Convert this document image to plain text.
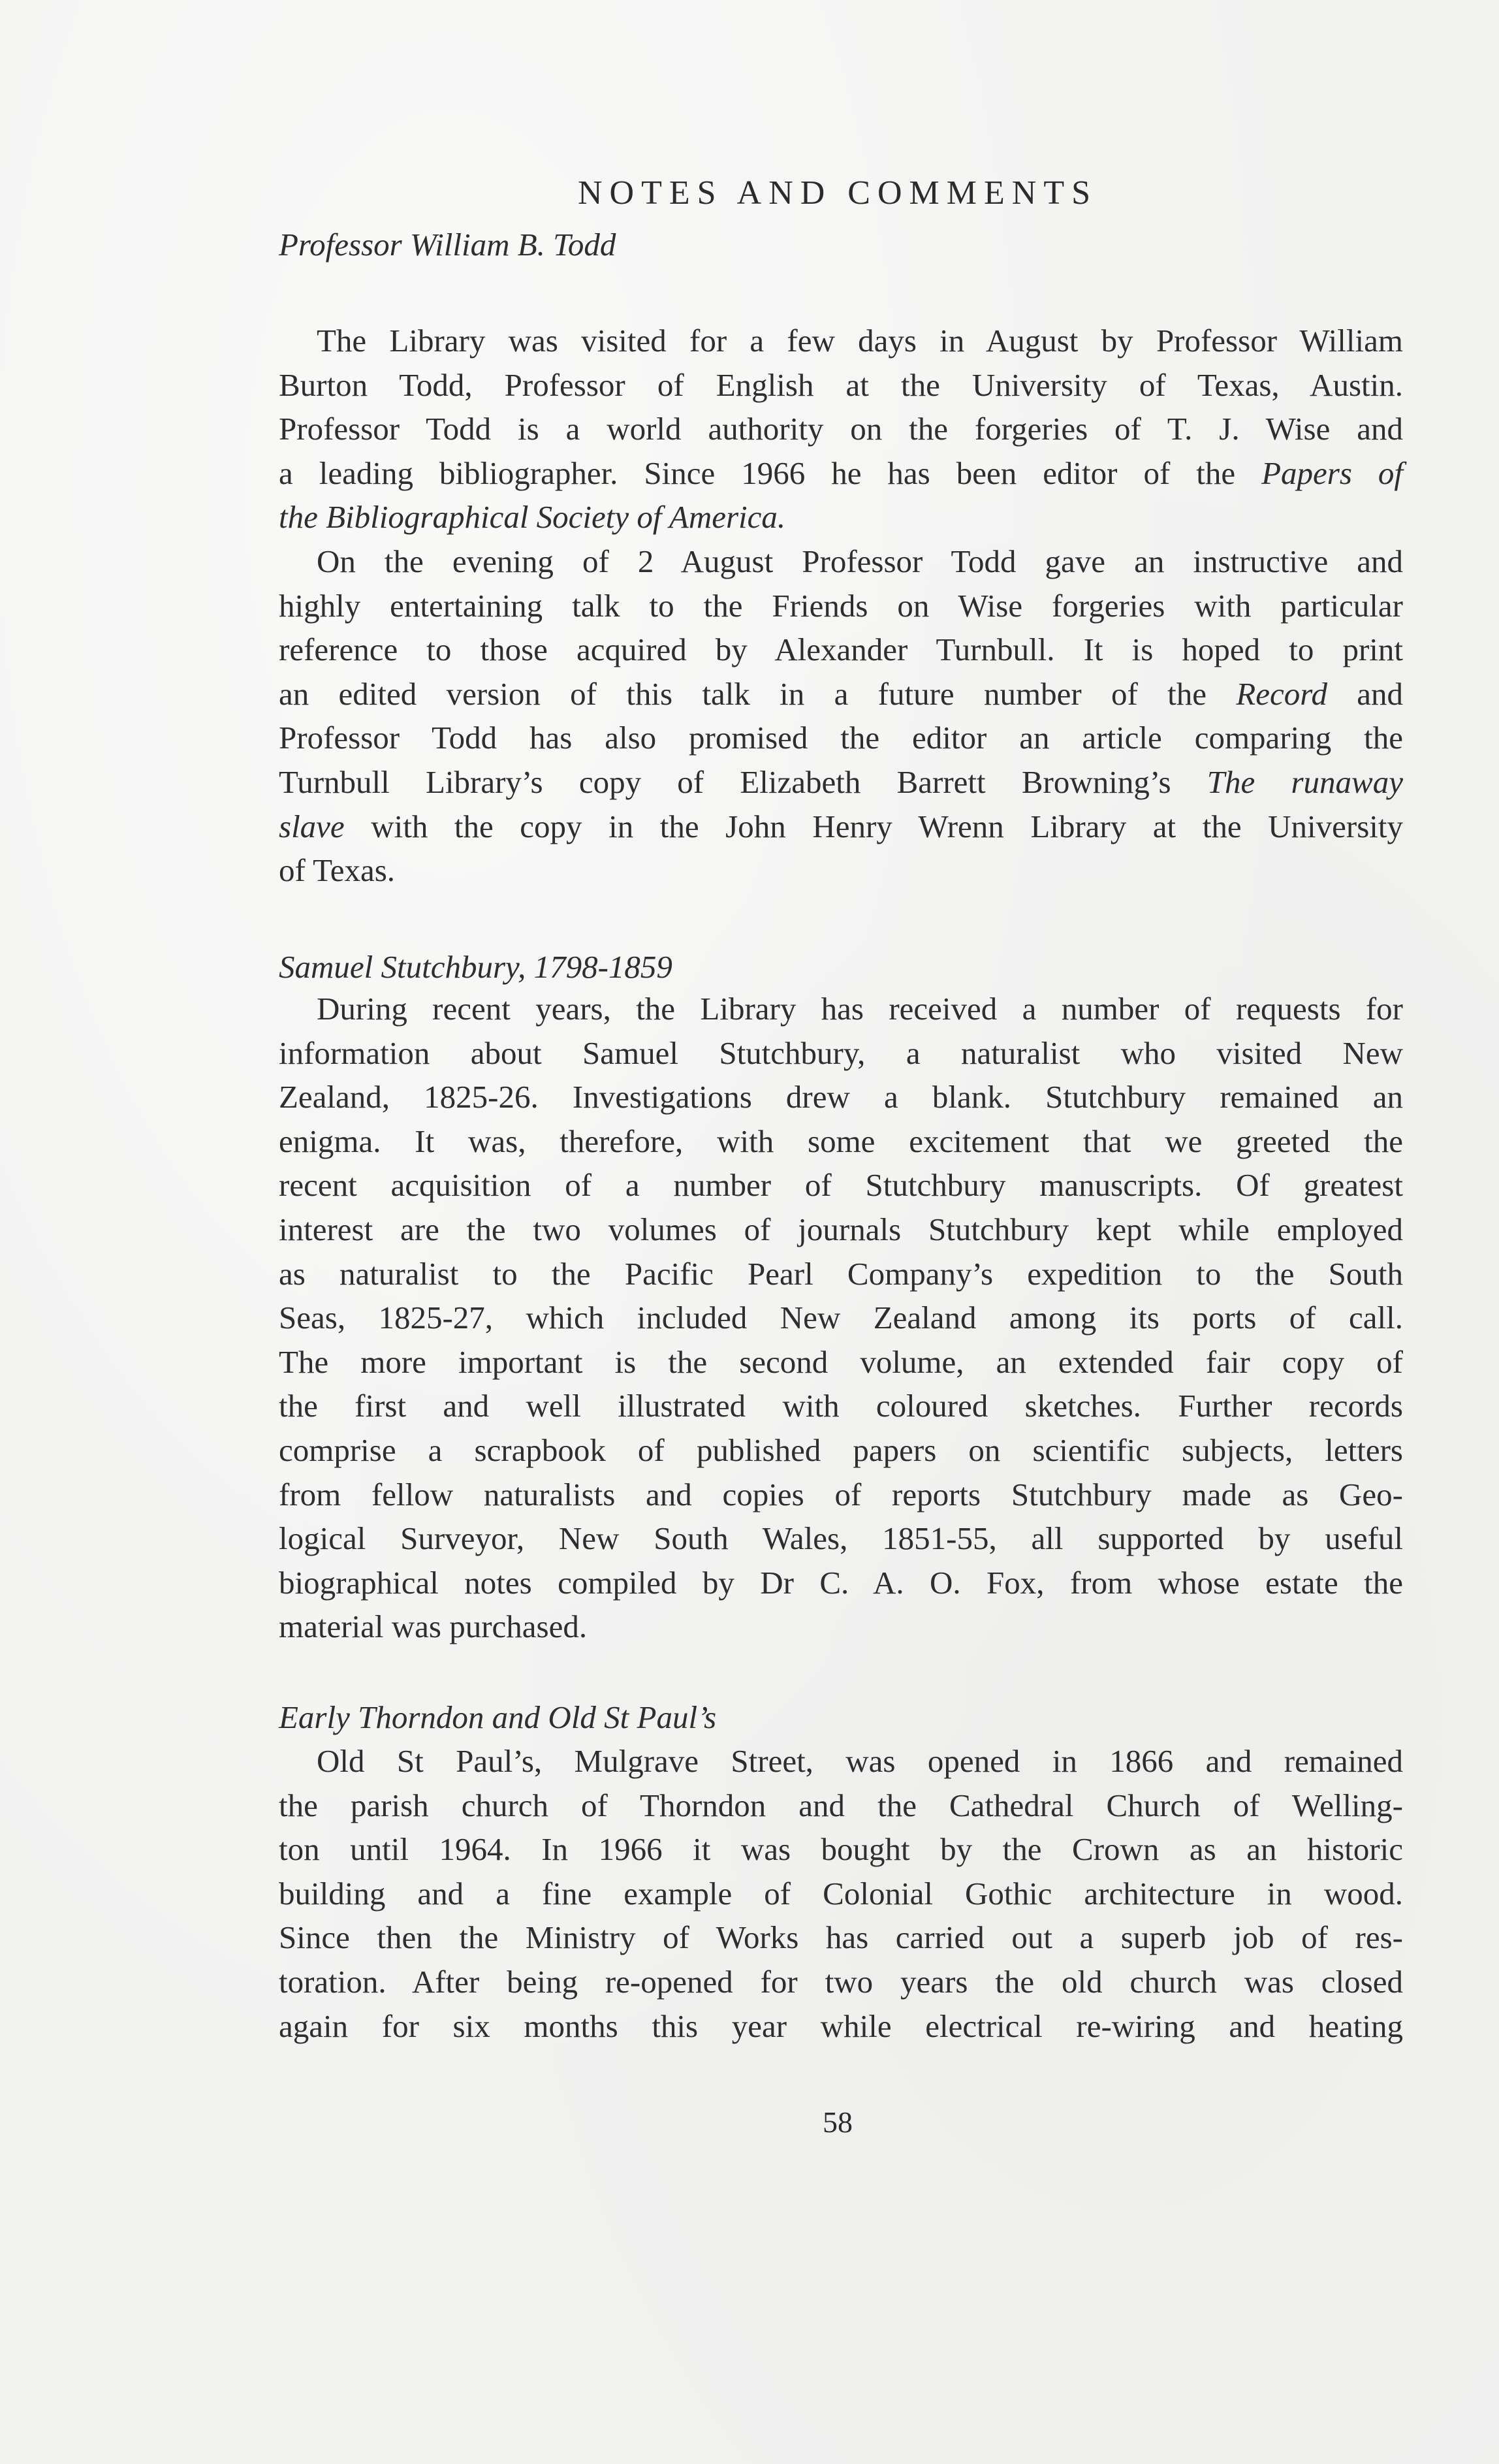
NOTES AND COMMENTS
Professor William B. Todd
The Library was visited for a few days in August by Professor William
Burton Todd, Professor of English at the University of Texas, Austin.
Professor Todd is a world authority on the forgeries of T. J. Wise and
a leading bibliographer. Since 1966 he has been editor of the Papers of
the Bibliographical Society of America.
On the evening of 2 August Professor Todd gave an instructive and
highly entertaining talk to the Friends on Wise forgeries with particular
reference to those acquired by Alexander Turnbull. It is hoped to print
an edited version of this talk in a future number of the Record and
Professor Todd has also promised the editor an article comparing the
Turnbull Library’s copy of Elizabeth Barrett Browning’s The runaway
slave with the copy in the John Henry Wrenn Library at the University
of Texas.
Samuel Stutchbury, 1798-1859
During recent years, the Library has received a number of requests for
information about Samuel Stutchbury, a naturalist who visited New
Zealand, 1825-26. Investigations drew a blank. Stutchbury remained an
enigma. It was, therefore, with some excitement that we greeted the
recent acquisition of a number of Stutchbury manuscripts. Of greatest
interest are the two volumes of journals Stutchbury kept while employed
as naturalist to the Pacific Pearl Company’s expedition to the South
Seas, 1825-27, which included New Zealand among its ports of call.
The more important is the second volume, an extended fair copy of
the first and well illustrated with coloured sketches. Further records
comprise a scrapbook of published papers on scientific subjects, letters
from fellow naturalists and copies of reports Stutchbury made as Geo-
logical Surveyor, New South Wales, 1851-55, all supported by useful
biographical notes compiled by Dr C. A. O. Fox, from whose estate the
material was purchased.
Early Thorndon and Old St Paul’s
Old St Paul’s, Mulgrave Street, was opened in 1866 and remained
the parish church of Thorndon and the Cathedral Church of Welling-
ton until 1964. In 1966 it was bought by the Crown as an historic
building and a fine example of Colonial Gothic architecture in wood.
Since then the Ministry of Works has carried out a superb job of res-
toration. After being re-opened for two years the old church was closed
again for six months this year while electrical re-wiring and heating
58
